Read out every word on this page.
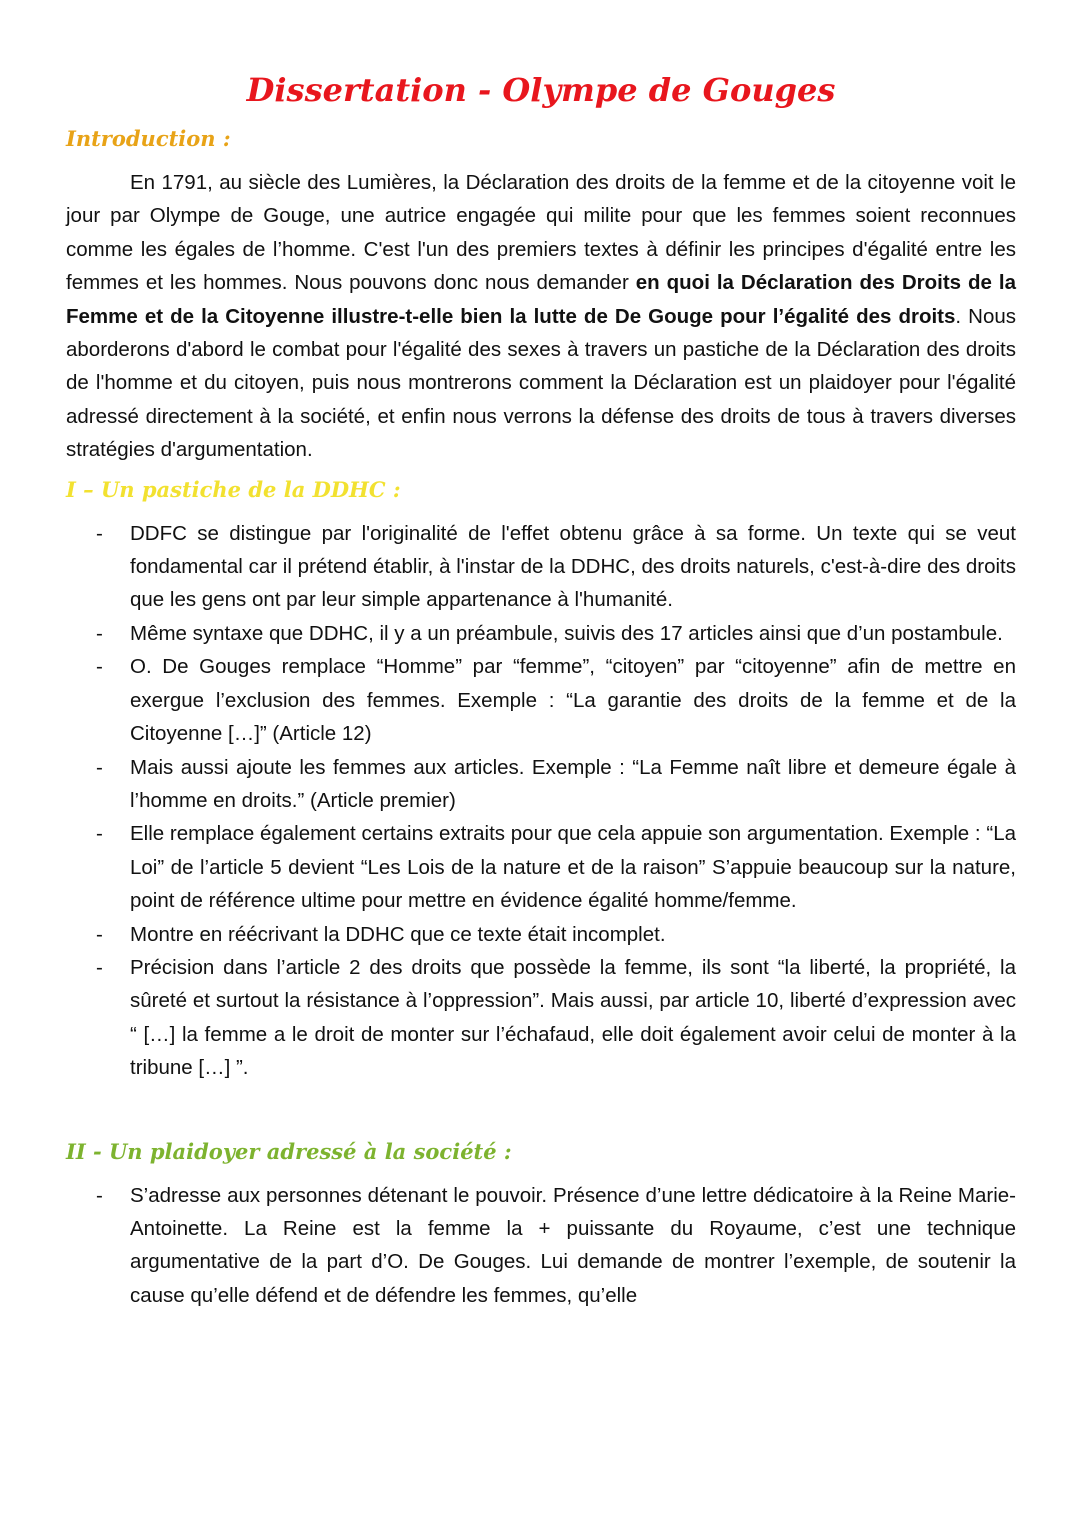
Dissertation - Olympe de Gouges
Introduction :

En 1791, au siècle des Lumières, la Déclaration des droits de la femme et de la citoyenne voit le jour par Olympe de Gouge, une autrice engagée qui milite pour que les femmes soient reconnues comme les égales de l’homme. C'est l'un des premiers textes à définir les principes d'égalité entre les femmes et les hommes. Nous pouvons donc nous demander en quoi la Déclaration des Droits de la Femme et de la Citoyenne illustre-t-elle bien la lutte de De Gouge pour l’égalité des droits. Nous aborderons d'abord le combat pour l'égalité des sexes à travers un pastiche de la Déclaration des droits de l'homme et du citoyen, puis nous montrerons comment la Déclaration est un plaidoyer pour l'égalité adressé directement à la société, et enfin nous verrons la défense des droits de tous à travers diverses stratégies d'argumentation.

I – Un pastiche de la DDHC :
- DDFC se distingue par l'originalité de l'effet obtenu grâce à sa forme. Un texte qui se veut fondamental car il prétend établir, à l'instar de la DDHC, des droits naturels, c'est-à-dire des droits que les gens ont par leur simple appartenance à l'humanité.
- Même syntaxe que DDHC, il y a un préambule, suivis des 17 articles ainsi que d’un postambule.
- O. De Gouges remplace “Homme” par “femme”, “citoyen” par “citoyenne” afin de mettre en exergue l’exclusion des femmes. Exemple : “La garantie des droits de la femme et de la Citoyenne […]” (Article 12)
- Mais aussi ajoute les femmes aux articles. Exemple : “La Femme naît libre et demeure égale à l’homme en droits.” (Article premier)
- Elle remplace également certains extraits pour que cela appuie son argumentation. Exemple : “La Loi” de l’article 5 devient “Les Lois de la nature et de la raison” S’appuie beaucoup sur la nature, point de référence ultime pour mettre en évidence égalité homme/femme.
- Montre en réécrivant la DDHC que ce texte était incomplet.
- Précision dans l’article 2 des droits que possède la femme, ils sont “la liberté, la propriété, la sûreté et surtout la résistance à l’oppression”. Mais aussi, par article 10, liberté d’expression avec “ […] la femme a le droit de monter sur l’échafaud, elle doit également avoir celui de monter à la tribune […] ”.
II - Un plaidoyer adressé à la société :
- S’adresse aux personnes détenant le pouvoir. Présence d’une lettre dédicatoire à la Reine Marie-Antoinette. La Reine est la femme la + puissante du Royaume, c’est une technique argumentative de la part d’O. De Gouges. Lui demande de montrer l’exemple, de soutenir la cause qu’elle défend et de défendre les femmes, qu’elle
